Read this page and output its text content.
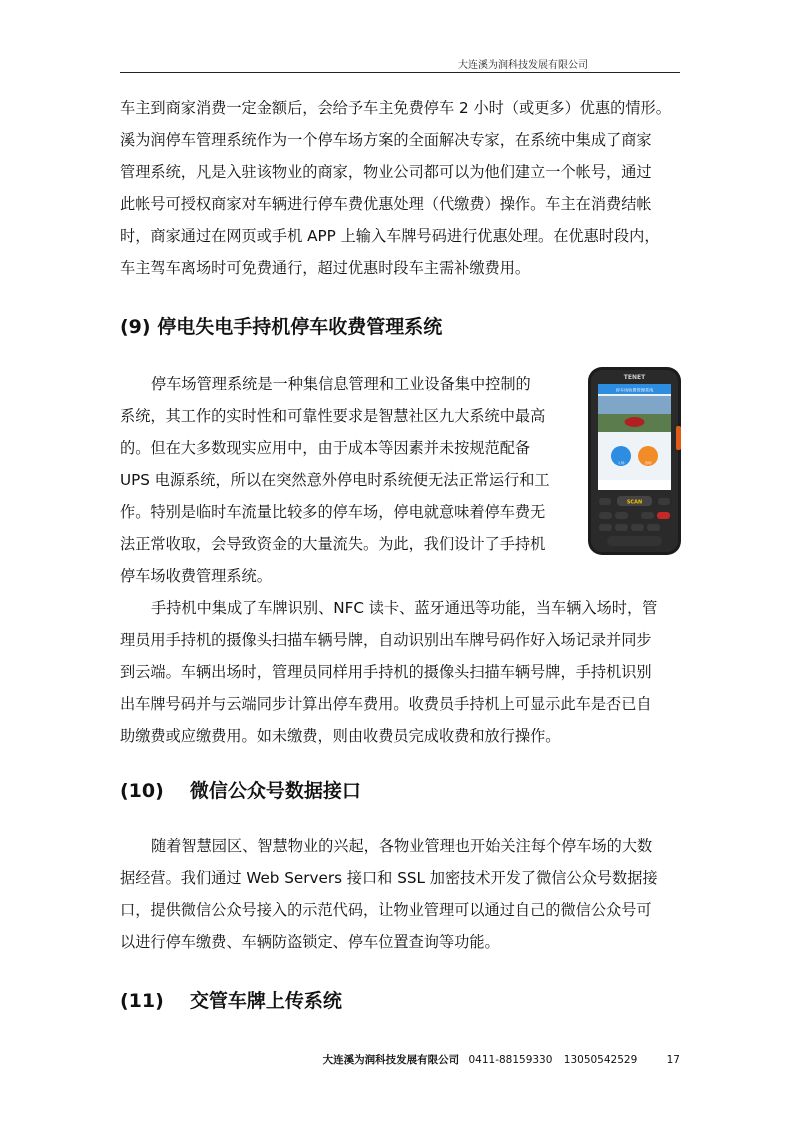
大连溪为润科技发展有限公司
车主到商家消费一定金额后，会给予车主免费停车 2 小时（或更多）优惠的情形。
溪为润停车管理系统作为一个停车场方案的全面解决专家，在系统中集成了商家
管理系统，凡是入驻该物业的商家，物业公司都可以为他们建立一个帐号，通过
此帐号可授权商家对车辆进行停车费优惠处理（代缴费）操作。车主在消费结帐
时，商家通过在网页或手机 APP 上输入车牌号码进行优惠处理。在优惠时段内，
车主驾车离场时可免费通行，超过优惠时段车主需补缴费用。
(9) 停电失电手持机停车收费管理系统
停车场管理系统是一种集信息管理和工业设备集中控制的
系统，其工作的实时性和可靠性要求是智慧社区九大系统中最高
的。但在大多数现实应用中，由于成本等因素并未按规范配备
UPS 电源系统，所以在突然意外停电时系统便无法正常运行和工
作。特别是临时车流量比较多的停车场，停电就意味着停车费无
法正常收取，会导致资金的大量流失。为此，我们设计了手持机
停车场收费管理系统。
TENET
停车场收费管理系统
入场	出场
SCAN
手持机中集成了车牌识别、NFC 读卡、蓝牙通迅等功能，当车辆入场时，管
理员用手持机的摄像头扫描车辆号牌，自动识别出车牌号码作好入场记录并同步
到云端。车辆出场时，管理员同样用手持机的摄像头扫描车辆号牌，手持机识别
出车牌号码并与云端同步计算出停车费用。收费员手持机上可显示此车是否已自
助缴费或应缴费用。如未缴费，则由收费员完成收费和放行操作。
(10) 微信公众号数据接口
随着智慧园区、智慧物业的兴起，各物业管理也开始关注每个停车场的大数
据经营。我们通过 Web Servers 接口和 SSL 加密技术开发了微信公众号数据接
口，提供微信公众号接入的示范代码，让物业管理可以通过自己的微信公众号可
以进行停车缴费、车辆防盗锁定、停车位置查询等功能。
(11) 交管车牌上传系统
大连溪为润科技发展有限公司 0411-88159330 13050542529	17
